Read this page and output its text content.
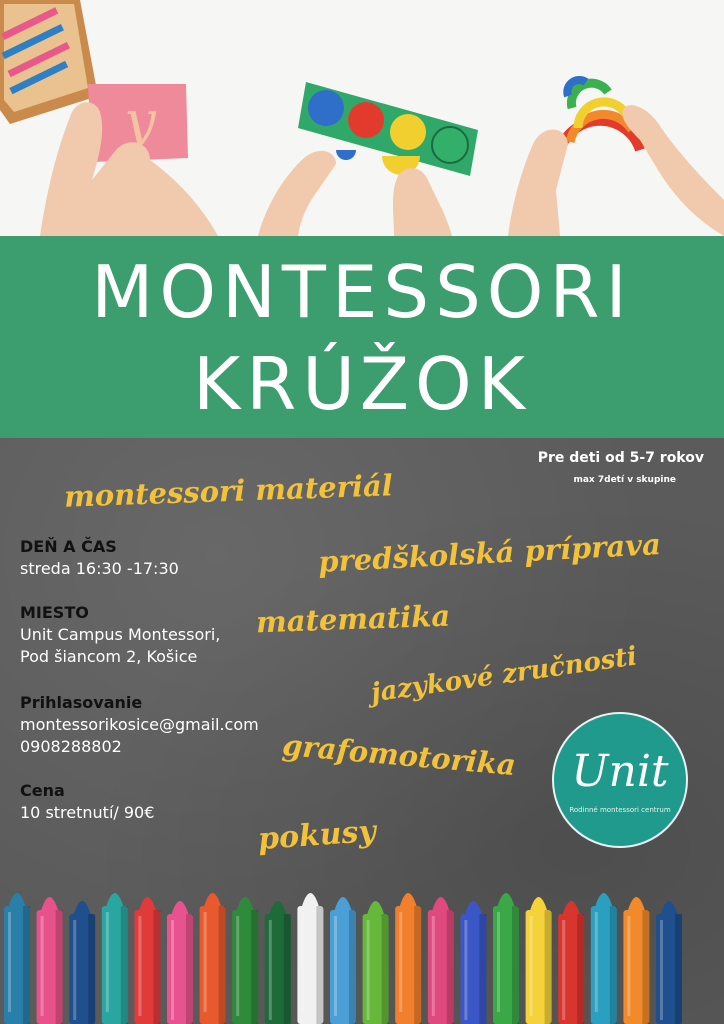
y
MONTESSORI
KRÚŽOK
Pre deti od 5-7 rokov
max 7detí v skupine
montessori materiál
predškolská príprava
matematika
jazykové zručnosti
grafomotorika
pokusy
DEŇ A ČAS
streda 16:30 -17:30
MIESTO
Unit Campus Montessori,
Pod šiancom 2, Košice
Prihlasovanie
montessorikosice@gmail.com
0908288802
Cena
10 stretnutí/ 90€
Unit
Rodinné montessori centrum
